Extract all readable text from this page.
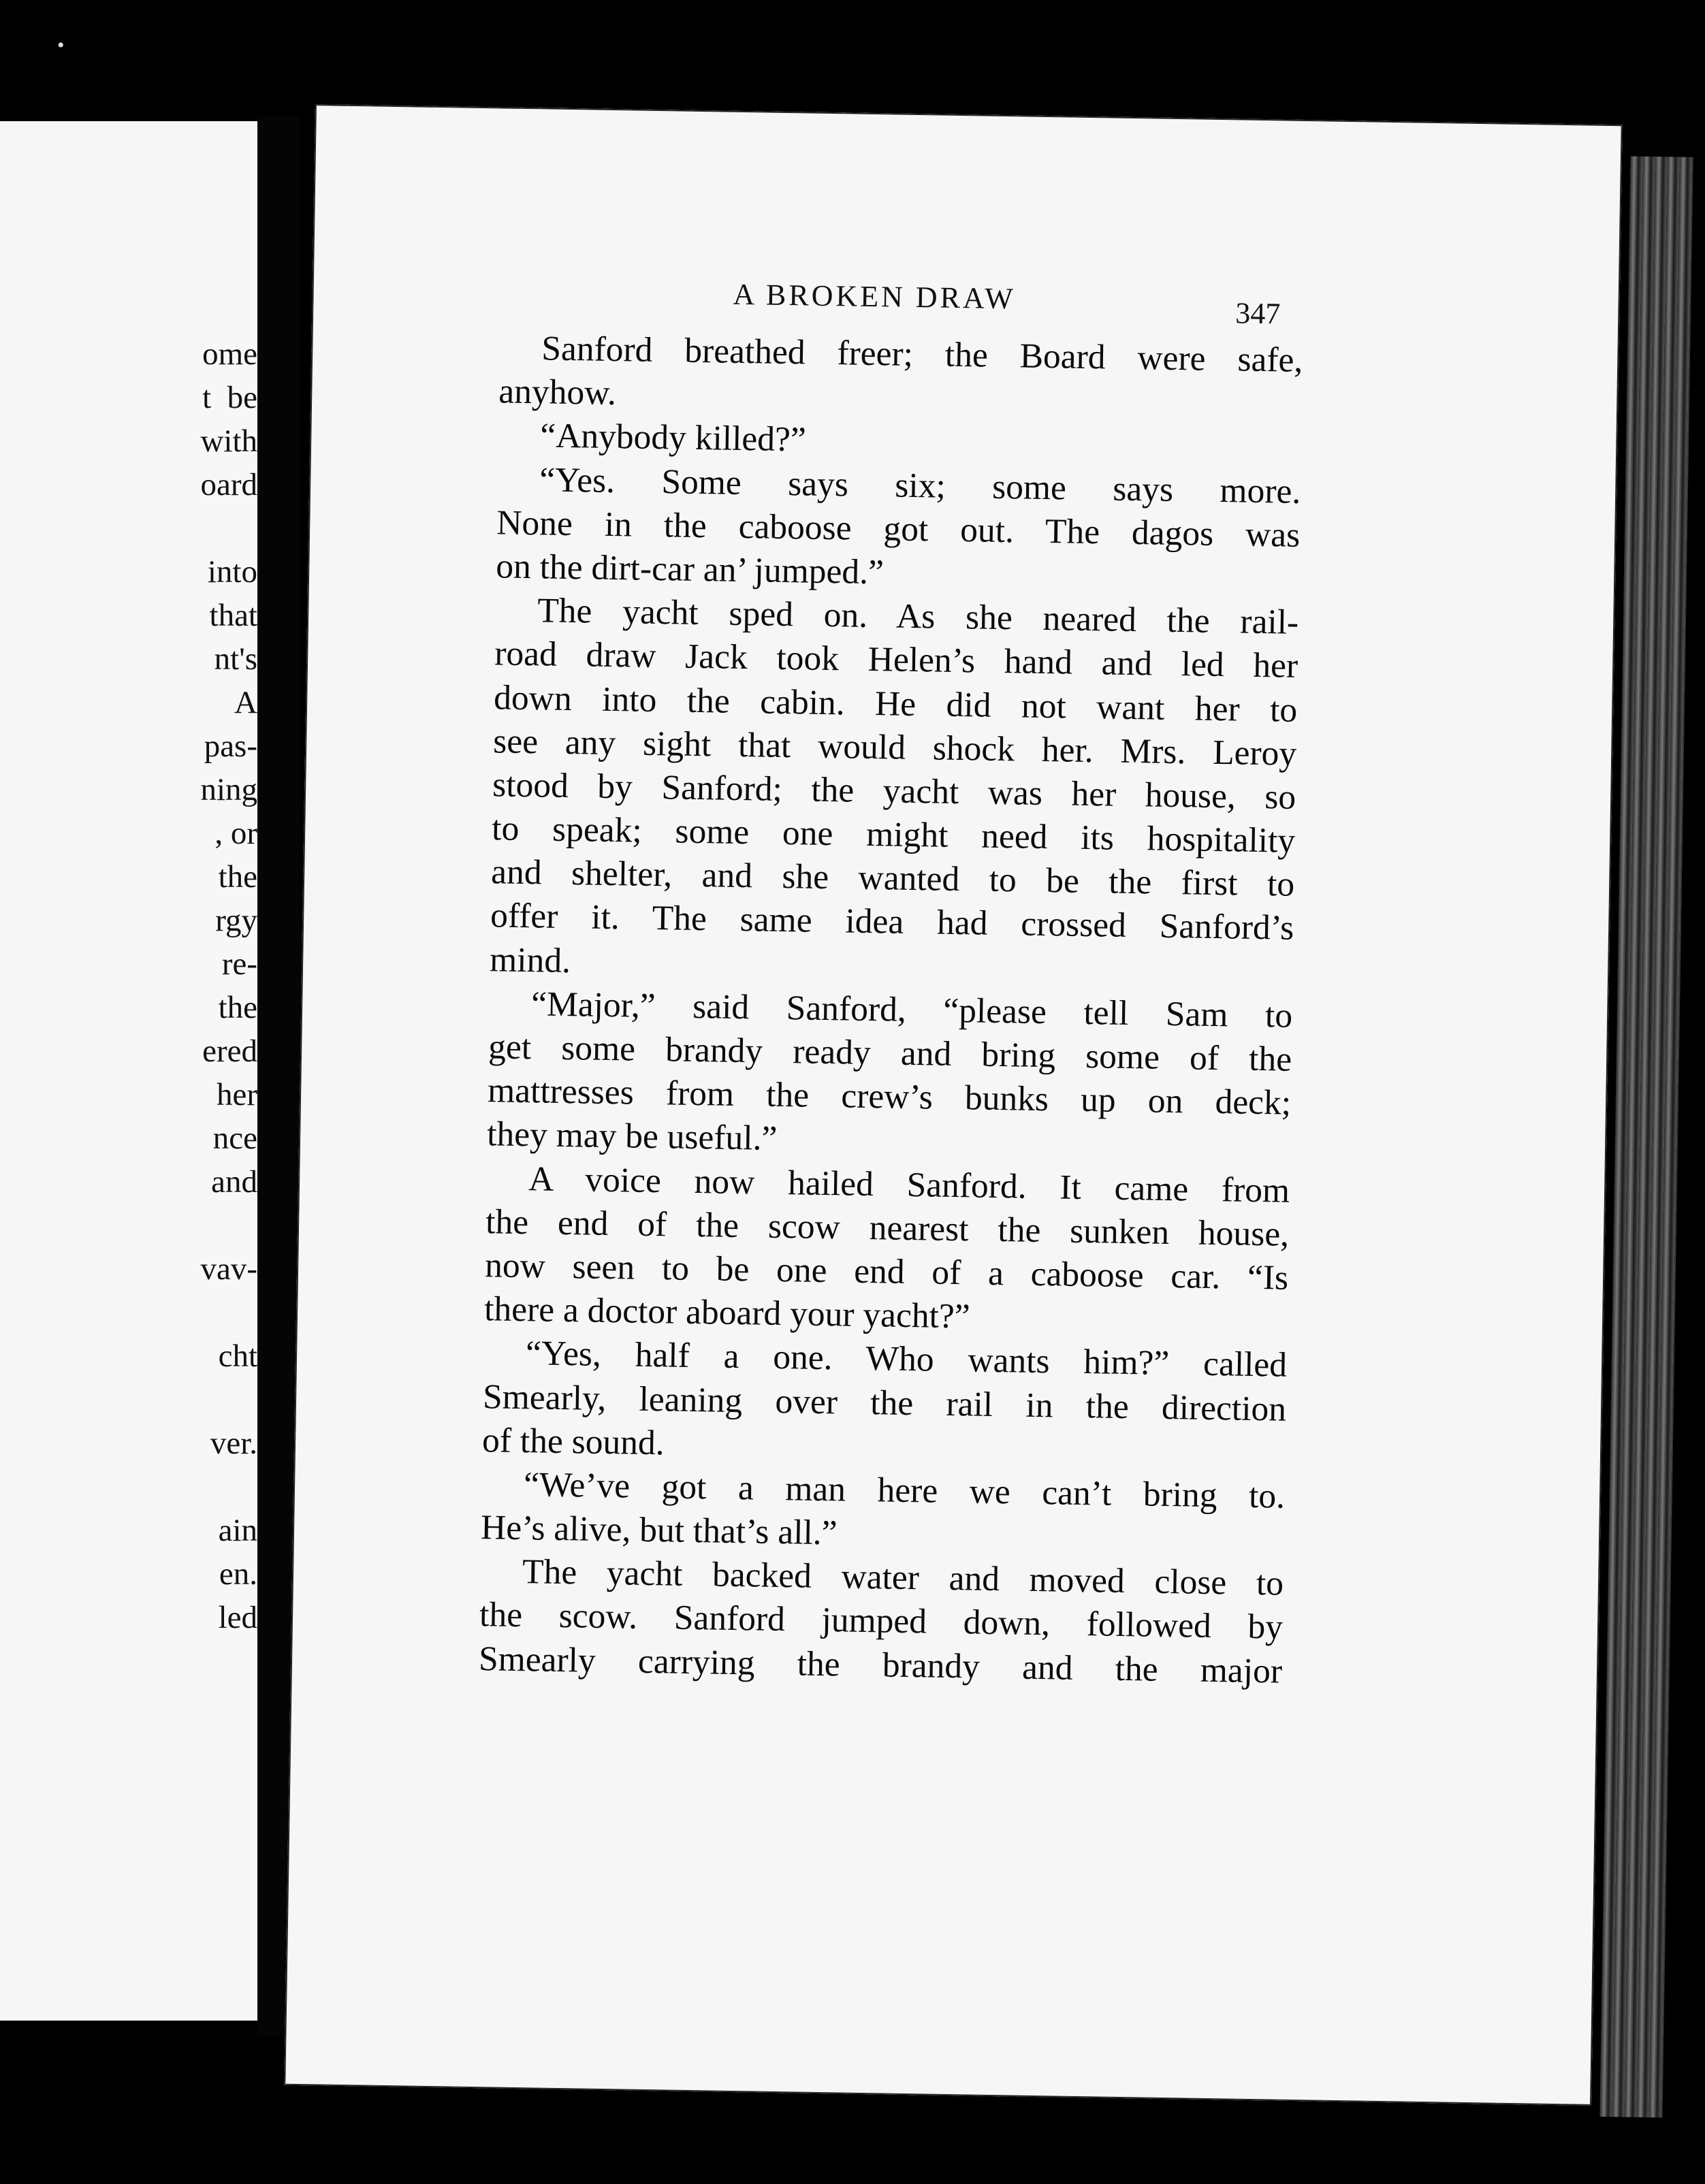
•
ome
t  be
with
oard
into
that
nt's
A
pas-
ning
, or
the
rgy
re-
the
ered
her
nce
and
vav-
cht
ver.
ain
en.
led
A BROKEN DRAW	347
Sanford breathed freer; the Board were safe,
anyhow.
“Anybody killed?”
“Yes. Some says six; some says more.
None in the caboose got out. The dagos was
on the dirt-car an’ jumped.”
The yacht sped on. As she neared the rail-
road draw Jack took Helen’s hand and led her
down into the cabin. He did not want her to
see any sight that would shock her. Mrs. Leroy
stood by Sanford; the yacht was her house, so
to speak; some one might need its hospitality
and shelter, and she wanted to be the first to
offer it. The same idea had crossed Sanford’s
mind.
“Major,” said Sanford, “please tell Sam to
get some brandy ready and bring some of the
mattresses from the crew’s bunks up on deck;
they may be useful.”
A voice now hailed Sanford. It came from
the end of the scow nearest the sunken house,
now seen to be one end of a caboose car. “Is
there a doctor aboard your yacht?”
“Yes, half a one. Who wants him?” called
Smearly, leaning over the rail in the direction
of the sound.
“We’ve got a man here we can’t bring to.
He’s alive, but that’s all.”
The yacht backed water and moved close to
the scow. Sanford jumped down, followed by
Smearly carrying the brandy and the major
